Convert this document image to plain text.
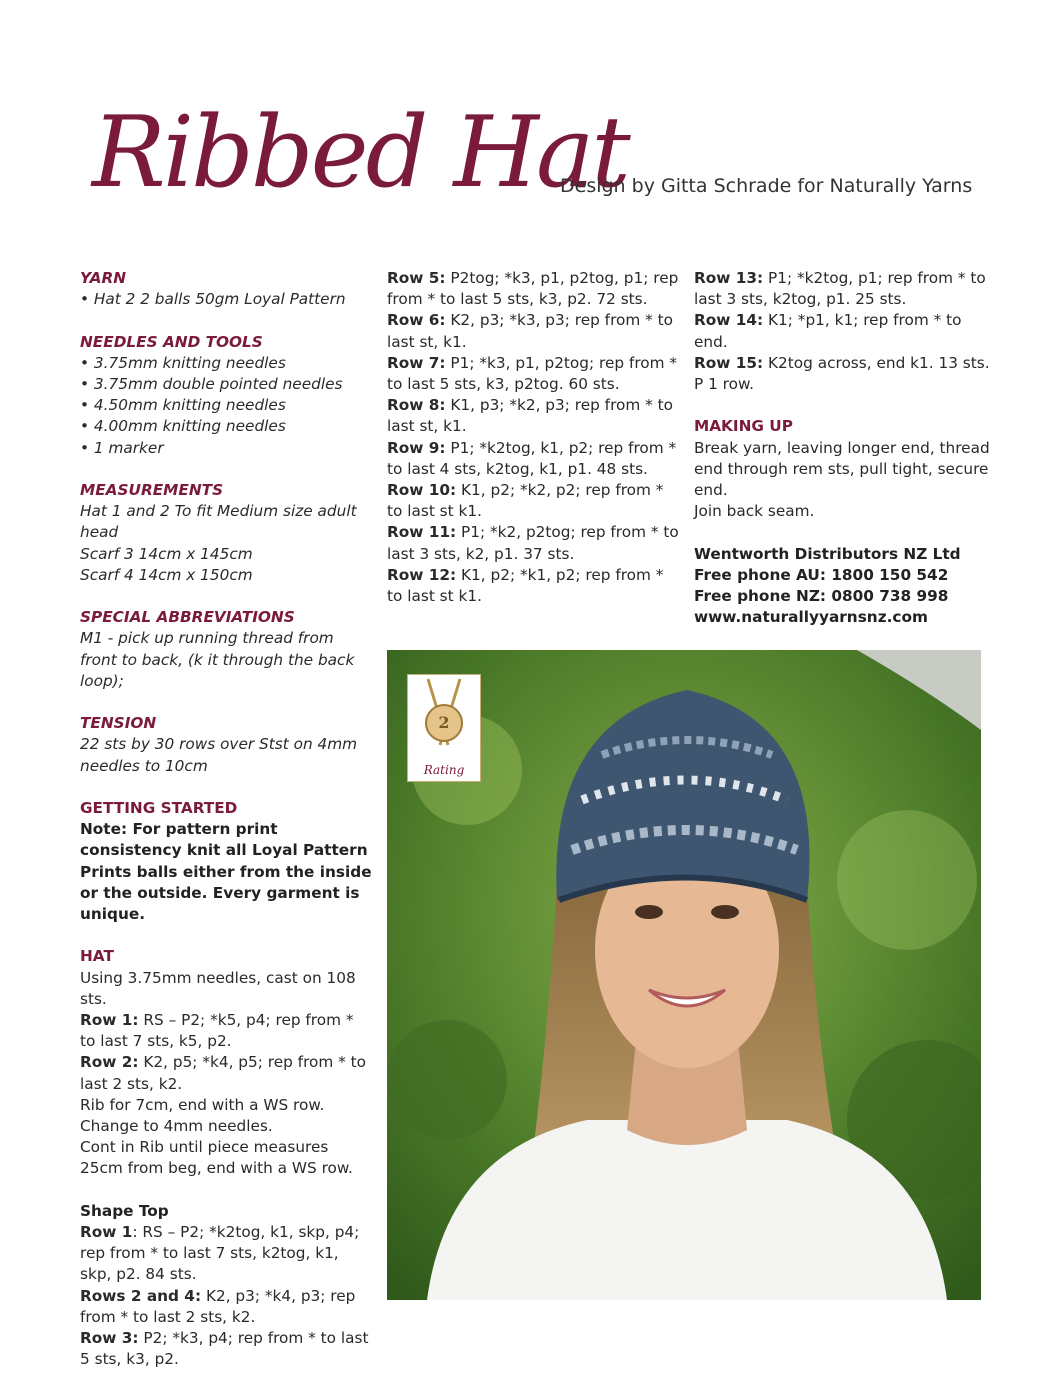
Ribbed Hat
Design by Gitta Schrade for Naturally Yarns

YARN

• Hat 2 2 balls 50gm Loyal Pattern

NEEDLES AND TOOLS

• 3.75mm knitting needles

• 3.75mm double pointed needles

• 4.50mm knitting needles

• 4.00mm knitting needles

• 1 marker

MEASUREMENTS

Hat 1 and 2 To fit Medium size adult head

Scarf 3 14cm x 145cm

Scarf 4 14cm x 150cm

SPECIAL ABBREVIATIONS

M1 - pick up running thread from front to back, (k it through the back loop);

TENSION

22 sts by 30 rows over Stst on 4mm needles to 10cm

GETTING STARTED

Note: For pattern print consistency knit all Loyal Pattern Prints balls either from the inside or the outside. Every garment is unique.

HAT

Using 3.75mm needles, cast on 108 sts.

Row 1: RS – P2; *k5, p4; rep from * to last 7 sts, k5, p2.

Row 2: K2, p5; *k4, p5; rep from * to last 2 sts, k2.

Rib for 7cm, end with a WS row.

Change to 4mm needles.

Cont in Rib until piece measures 25cm from beg, end with a WS row.

Shape Top

Row 1: RS – P2; *k2tog, k1, skp, p4; rep from * to last 7 sts, k2tog, k1, skp, p2. 84 sts.

Rows 2 and 4: K2, p3; *k4, p3; rep from * to last 2 sts, k2.

Row 3: P2; *k3, p4; rep from * to last 5 sts, k3, p2.

Row 5: P2tog; *k3, p1, p2tog, p1; rep from * to last 5 sts, k3, p2. 72 sts.

Row 6: K2, p3; *k3, p3; rep from * to last st, k1.

Row 7: P1; *k3, p1, p2tog; rep from * to last 5 sts, k3, p2tog. 60 sts.

Row 8: K1, p3; *k2, p3; rep from * to last st, k1.

Row 9: P1; *k2tog, k1, p2; rep from * to last 4 sts, k2tog, k1, p1. 48 sts.

Row 10: K1, p2; *k2, p2; rep from * to last st k1.

Row 11: P1; *k2, p2tog; rep from * to last 3 sts, k2, p1. 37 sts.

Row 12: K1, p2; *k1, p2; rep from * to last st k1.

Row 13: P1; *k2tog, p1; rep from * to last 3 sts, k2tog, p1. 25 sts.

Row 14: K1; *p1, k1; rep from * to end.

Row 15: K2tog across, end k1. 13 sts.

P 1 row.

MAKING UP

Break yarn, leaving longer end, thread end through rem sts, pull tight, secure end.

Join back seam.

Wentworth Distributors NZ Ltd

Free phone AU: 1800 150 542

Free phone NZ: 0800 738 998

www.naturallyyarnsnz.com

2
Rating
